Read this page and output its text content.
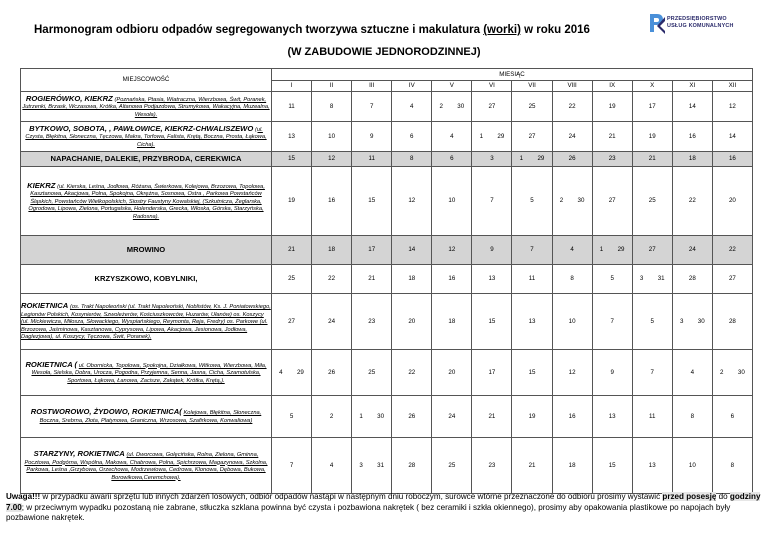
Harmonogram odbioru odpadów segregowanych tworzywa sztuczne i makulatura (worki) w roku 2016
(W ZABUDOWIE JEDNORODZINNEJ)
PRZEDSIĘBIORSTWO
USŁUG KOMUNALNYCH
MIEJSCOWOŚĆ	MIESIĄC											
	I	II	III	IV	V	VI	VII	VIII	IX	X	XI	XII
ROGIERÓWKO, KIEKRZ (Poznańska, Ptasia, Wiatraczna, Wierzbowa, Świt, Poranek, Jutrzenki, Brzask, Wczasowa, Krótka, Altanowa Podjazdowa, Strumykowa, Wakacyjna, Muzealna, Wesoła).	11	8	7	4	2 30	27	25	22	19	17	14	12
BYTKOWO, SOBOTA, , PAWŁOWICE, KIEKRZ-CHWALISZEWO (ul. Czysta, Błękitna, Słoneczna, Tęczowa, Makra, Torfowa, Falista, Krętą, Boczna, Prosta, Łąkowa, Cicha).	13	10	9	6	4	1 29	27	24	21	19	16	14
NAPACHANIE, DALEKIE, PRZYBRODA, CEREKWICA	15	12	11	8	6	3	1 29	26	23	21	18	16
KIEKRZ (ul. Kierska, Leśna, Jodłowa, Różana, Świerkowa, Kolejowa, Brzozowa, Topolowa, Kasztanowa, Akacjowa, Polna, Spokojna, Okrężna, Sosnowa, Ostra , Parkowa Powstańców Śląskich, Powstańców Wielkopolskich, Siostry Faustyny Kowalskiej, (Szkutnicza, Żeglarska, Ogrodowa, Lipowa, Zielona, Portugalska, Holenderska, Grecka, Włoska, Górska, Starzyńska, Radosna).	19	16	15	12	10	7	5	2 30	27	25	22	20
MROWINO	21	18	17	14	12	9	7	4	1 29	27	24	22
KRZYSZKOWO, KOBYLNIKI,	25	22	21	18	16	13	11	8	5	3 31	28	27
ROKIETNICA (os. Trakt Napoleoński (ul. Trakt Napoleoński, Noblistów, Ks. J. Poniatowskiego, Legionów Polskich, Kosynierów, Szwoleżerów, Kościuszkowców, Huzarów, Ułanów) os. Koszycy (ul. Mickiewicza, Miłosza, Słowackiego, Wyspiańskiego, Reymonta, Reja, Fredry) os. Parkowe (ul. Brzozowa, Jaśminowa, Kasztanowa, Cyprysowa, Lipowa, Akacjowa, Jesionowa, Jodłowa, Daglezjowa), ul. Koszycy, Tęczowa, Świt, Poranek),	27	24	23	20	18	15	13	10	7	5	3 30	28
ROKIETNICA ( ul. Obornicka, Topolowa, Spokojna, Działkowa, Witkowa, Wierzbowa, Miła, Wesoła, Sielska, Dobra, Urocza, Pogodna, Przyjemna, Senna, Jasna, Cicha, Szamotulska, Sportowa, Łąkowa, Łanowa, Zacisze, Zakątek, Krótka, Krętą,).	4 29	26	25	22	20	17	15	12	9	7	4	2 30

ROSTWOROWO, ŻYDOWO, ROKIETNICA( Kolejowa, Błękitna, Słoneczna, Boczna, Srebrna, Złota, Platynowa, Graniczna, Wrzosowa, Szafirkowa, Konwaliowa)	5	2	1 30	26	24	21	19	16	13	11	8	6
STARZYNY, ROKIETNICA (ul. Dworcowa, Golęcińska, Rolna, Zielona, Gminna, Pocztowa, Podgórna, Wspólna, Makowa, Chabrowa, Polna, Spichrzowa, Magazynowa, Szkolna, Parkowa, Leśna ,Grzybowa, Orzechowa, Modrzewiowa, Cedrowa, Klonowa, Dębowa, Bukowa, Borowikowa,Ceremchowa).	7	4	3 31	28	25	23	21	18	15	13	10	8
Uwaga!!! w przypadku awarii sprzętu lub innych zdarzeń losowych, odbiór odpadów nastąpi w następnym dniu roboczym, surowce wtórne przeznaczone do odbioru prosimy wystawić przed posesję do godziny 7.00; w przeciwnym wypadku pozostaną nie zabrane, stłuczka szklana powinna być czysta i pozbawiona nakrętek ( bez ceramiki i szkła okiennego), prosimy aby opakowania plastikowe po napojach były pozbawione nakrętek.
